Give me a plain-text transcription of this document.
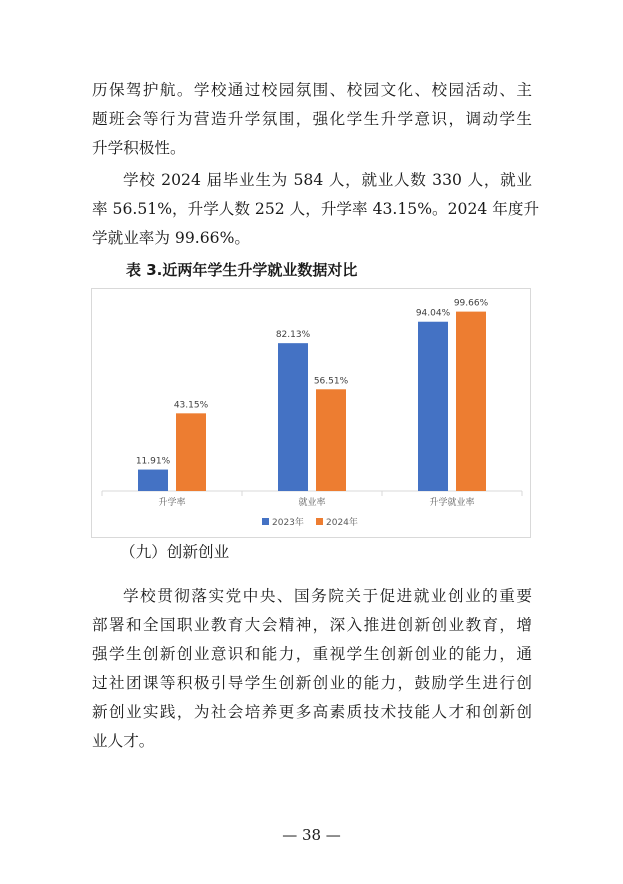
历保驾护航。学校通过校园氛围、校园文化、校园活动、主
题班会等行为营造升学氛围，强化学生升学意识，调动学生
升学积极性。
学校 2024 届毕业生为 584 人，就业人数 330 人，就业
率 56.51%，升学人数 252 人，升学率 43.15%。2024 年度升
学就业率为 99.66%。
表 3.近两年学生升学就业数据对比
11.91%
43.15%
升学率
82.13%
56.51%
就业率
94.04%
99.66%
升学就业率
2023年 2024年
（九）创新创业
学校贯彻落实党中央、国务院关于促进就业创业的重要
部署和全国职业教育大会精神，深入推进创新创业教育，增
强学生创新创业意识和能力，重视学生创新创业的能力，通
过社团课等积极引导学生创新创业的能力，鼓励学生进行创
新创业实践，为社会培养更多高素质技术技能人才和创新创
业人才。
— 38 —
